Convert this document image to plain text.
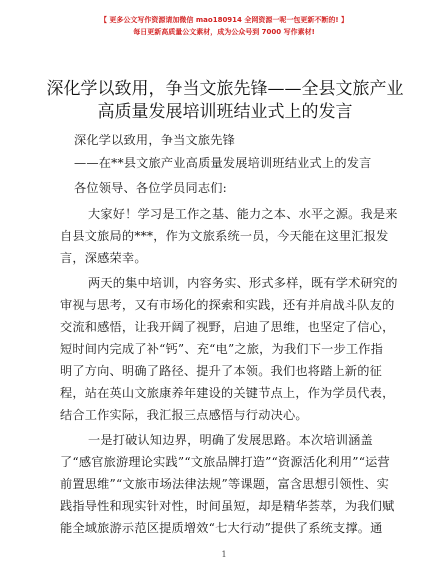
【 更多公文写作资源请加微信 mao180914 全网资源一呢一包更新不断的! 】
每日更新高质量公文素材，成为公众号到 7000 写作素材!
深化学以致用，争当文旅先锋——全县文旅产业
高质量发展培训班结业式上的发言
深化学以致用，争当文旅先锋
——在**县文旅产业高质量发展培训班结业式上的发言
各位领导、各位学员同志们:
大家好！学习是工作之基、能力之本、水平之源。我是来
自县文旅局的***，作为文旅系统一员，今天能在这里汇报发
言，深感荣幸。
两天的集中培训，内容务实、形式多样，既有学术研究的
审视与思考，又有市场化的探索和实践，还有并肩战斗队友的
交流和感悟，让我开阔了视野，启迪了思维，也坚定了信心，
短时间内完成了补“钙”、充“电”之旅，为我们下一步工作指
明了方向、明确了路径、提升了本领。我们也将踏上新的征
程，站在英山文旅康养年建设的关键节点上，作为学员代表，
结合工作实际，我汇报三点感悟与行动决心。
一是打破认知边界，明确了发展思路。本次培训涵盖
了“感官旅游理论实践”“文旅品牌打造”“资源活化利用”“运营
前置思维”“文旅市场法律法规”等课题，富含思想引领性、实
践指导性和现实针对性，时间虽短，却是精华荟萃，为我们赋
能全域旅游示范区提质增效“七大行动”提供了系统支撑。通
1
